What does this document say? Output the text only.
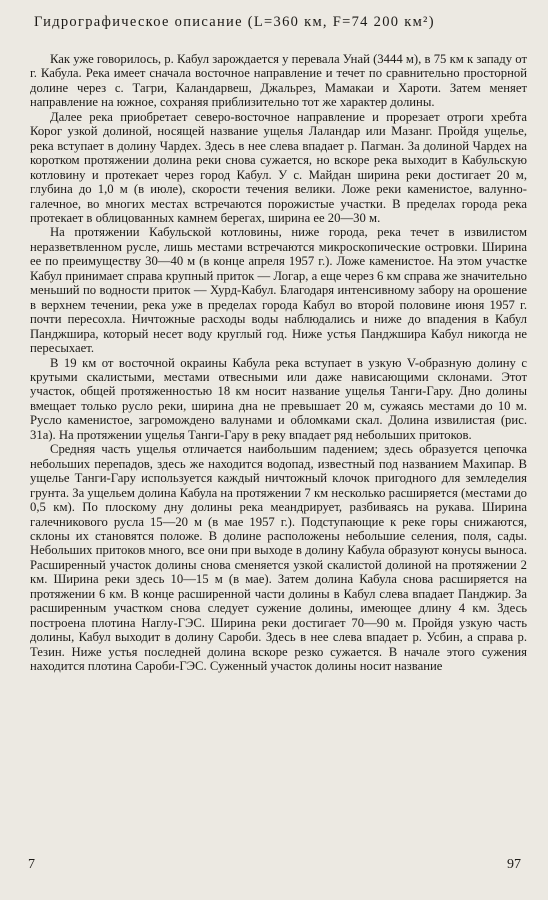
Гидрографическое описание (L=360 км, F=74 200 км²)

Как уже говорилось, р. Кабул зарождается у перевала Унай (3444 м), в 75 км к западу от г. Кабула. Река имеет сначала восточное направление и течет по сравнительно просторной долине через с. Тагри, Каландарвеш, Джальрез, Мамакаи и Харoти. Затем меняет направление на южное, сохраняя приблизительно тот же характер долины.

Далее река приобретает северо-восточное направление и прорезает отроги хребта Корог узкой долиной, носящей название ущелья Лаландар или Мазанг. Пройдя ущелье, река вступает в долину Чардех. Здесь в нее слева впадает р. Пагман. За долиной Чардех на коротком протяжении долина реки снова сужается, но вскоре река выходит в Кабульскую котловину и протекает через город Кабул. У с. Майдан ширина реки достигает 20 м, глубина до 1,0 м (в июле), скорости течения велики. Ложе реки каменистое, валунно-галечное, во многих местах встречаются порожистые участки. В пределах города река протекает в облицованных камнем берегах, ширина ее 20—30 м.

На протяжении Кабульской котловины, ниже города, река течет в извилистом неразветвленном русле, лишь местами встречаются микроскопические островки. Ширина ее по преимуществу 30—40 м (в конце апреля 1957 г.). Ложе каменистое. На этом участке Кабул принимает справа крупный приток — Логар, а еще через 6 км справа же значительно меньший по водности приток — Хурд-Кабул. Благодаря интенсивному забору на орошение в верхнем течении, река уже в пределах города Кабул во второй половине июня 1957 г. почти пересохла. Ничтожные расходы воды наблюдались и ниже до впадения в Кабул Панджшира, который несет воду круглый год. Ниже устья Панджшира Кабул никогда не пересыхает.

В 19 км от восточной окраины Кабула река вступает в узкую V-образную долину с крутыми скалистыми, местами отвесными или даже нависающими склонами. Этот участок, общей протяженностью 18 км носит название ущелья Танги-Гару. Дно долины вмещает только русло реки, ширина дна не превышает 20 м, сужаясь местами до 10 м. Русло каменистое, загромождено валунами и обломками скал. Долина извилистая (рис. 31а). На протяжении ущелья Танги-Гару в реку впадает ряд небольших притоков.

Средняя часть ущелья отличается наибольшим падением; здесь образуется цепочка небольших перепадов, здесь же находится водопад, известный под названием Махипар. В ущелье Танги-Гару используется каждый ничтожный клочок пригодного для земледелия грунта. За ущельем долина Кабула на протяжении 7 км несколько расширяется (местами до 0,5 км). По плоскому дну долины река меандрирует, разбиваясь на рукава. Ширина галечникового русла 15—20 м (в мае 1957 г.). Подступающие к реке горы снижаются, склоны их становятся положе. В долине расположены небольшие селения, поля, сады. Небольших притоков много, все они при выходе в долину Кабула образуют конусы выноса. Расширенный участок долины снова сменяется узкой скалистой долиной на протяжении 2 км. Ширина реки здесь 10—15 м (в мае). Затем долина Кабула снова расширяется на протяжении 6 км. В конце расширенной части долины в Кабул слева впадает Панджир. За расширенным участком снова следует сужение долины, имеющее длину 4 км. Здесь построена плотина Наглу-ГЭС. Ширина реки достигает 70—90 м. Пройдя узкую часть долины, Кабул выходит в долину Сароби. Здесь в нее слева впадает р. Усбин, а справа р. Тезин. Ниже устья последней долина вскоре резко сужается. В начале этого сужения находится плотина Сароби-ГЭС. Суженный участок долины носит название

7	97
